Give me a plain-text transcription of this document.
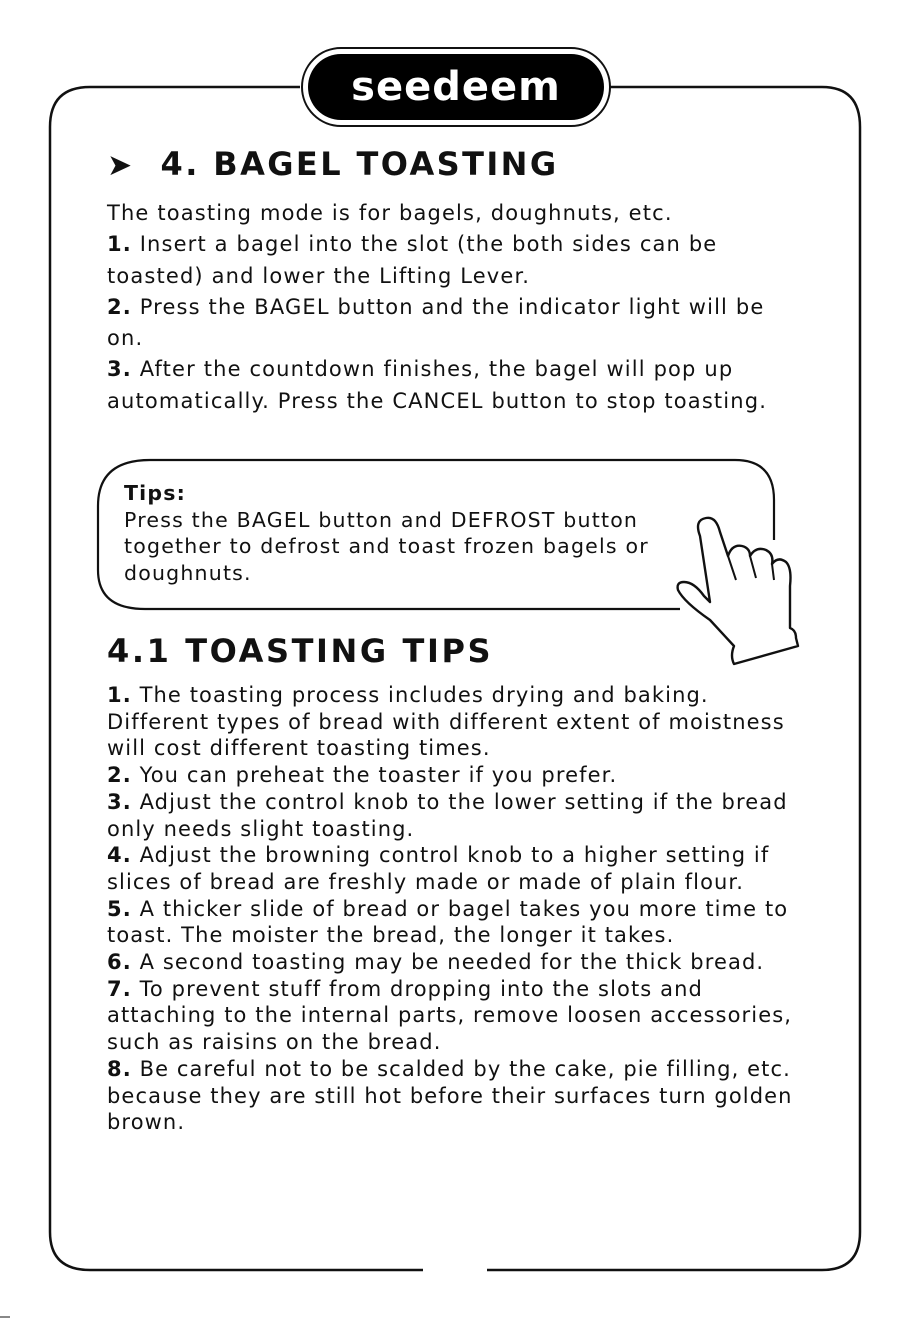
seedeem
➤ 4. BAGEL TOASTING

The toasting mode is for bagels, doughnuts, etc.

1. Insert a bagel into the slot (the both sides can be toasted) and lower the Lifting Lever.

2. Press the BAGEL button and the indicator light will be on.

3. After the countdown finishes, the bagel will pop up automatically. Press the CANCEL button to stop toasting.

Tips:
Press the BAGEL button and DEFROST button together to defrost and toast frozen bagels or doughnuts.
4.1 TOASTING TIPS

1. The toasting process includes drying and baking. Different types of bread with different extent of moistness will cost different toasting times.

2. You can preheat the toaster if you prefer.

3. Adjust the control knob to the lower setting if the bread only needs slight toasting.

4. Adjust the browning control knob to a higher setting if slices of bread are freshly made or made of plain flour.

5. A thicker slide of bread or bagel takes you more time to toast. The moister the bread, the longer it takes.

6. A second toasting may be needed for the thick bread.

7. To prevent stuff from dropping into the slots and attaching to the internal parts, remove loosen accessories, such as raisins on the bread.

8. Be careful not to be scalded by the cake, pie filling, etc. because they are still hot before their surfaces turn golden brown.
